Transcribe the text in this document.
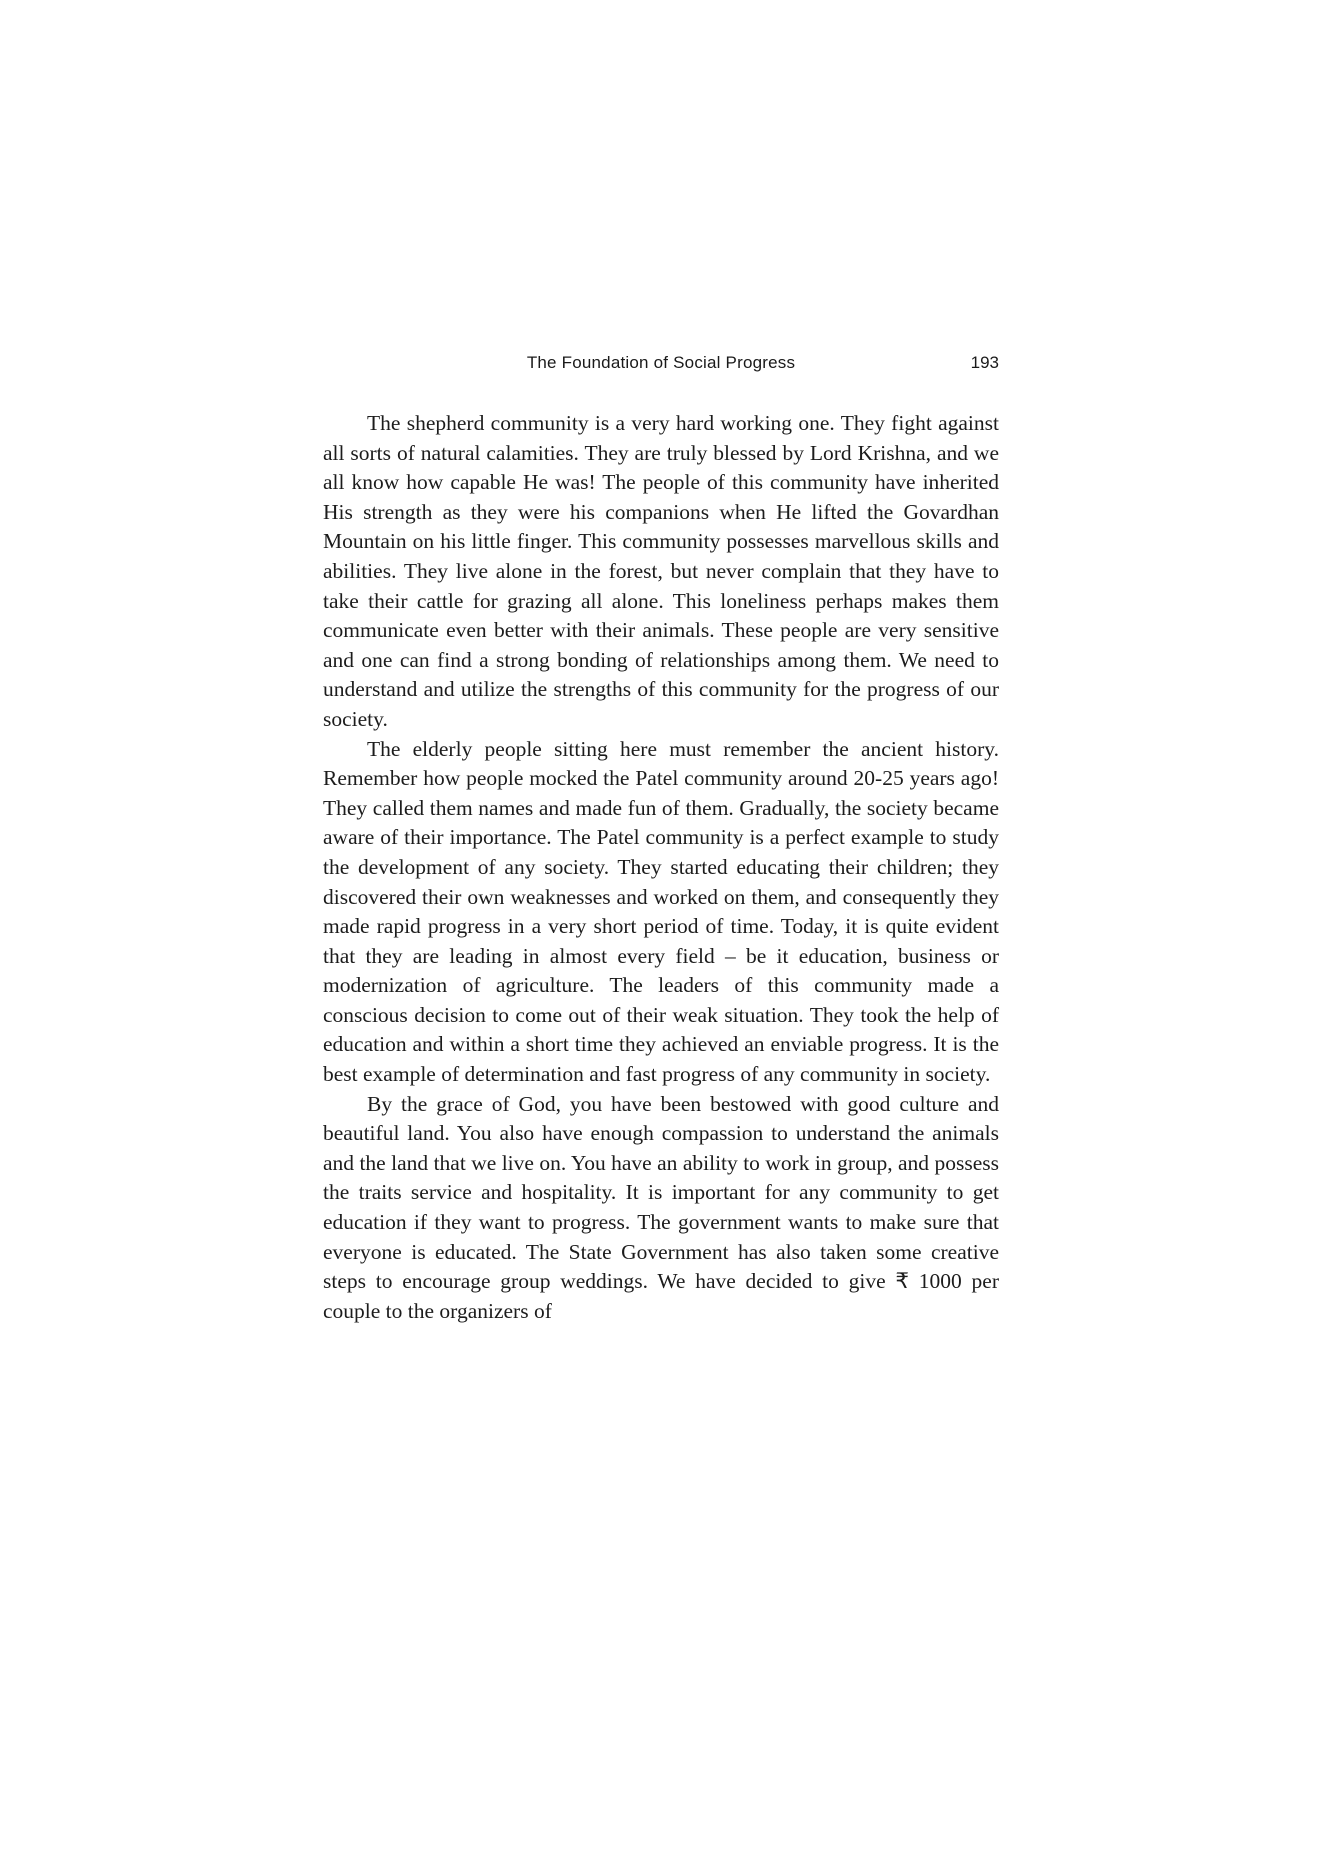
The Foundation of Social Progress	193

The shepherd community is a very hard working one. They fight against all sorts of natural calamities. They are truly blessed by Lord Krishna, and we all know how capable He was! The people of this community have inherited His strength as they were his companions when He lifted the Govardhan Mountain on his little finger. This community possesses marvellous skills and abilities. They live alone in the forest, but never complain that they have to take their cattle for grazing all alone. This loneliness perhaps makes them communicate even better with their animals. These people are very sensitive and one can find a strong bonding of relationships among them. We need to understand and utilize the strengths of this community for the progress of our society.

The elderly people sitting here must remember the ancient history. Remember how people mocked the Patel community around 20-25 years ago! They called them names and made fun of them. Gradually, the society became aware of their importance. The Patel community is a perfect example to study the development of any society. They started educating their children; they discovered their own weaknesses and worked on them, and consequently they made rapid progress in a very short period of time. Today, it is quite evident that they are leading in almost every field – be it education, business or modernization of agriculture. The leaders of this community made a conscious decision to come out of their weak situation. They took the help of education and within a short time they achieved an enviable progress. It is the best example of determination and fast progress of any community in society.

By the grace of God, you have been bestowed with good culture and beautiful land. You also have enough compassion to understand the animals and the land that we live on. You have an ability to work in group, and possess the traits service and hospitality. It is important for any community to get education if they want to progress. The government wants to make sure that everyone is educated. The State Government has also taken some creative steps to encourage group weddings. We have decided to give ₹ 1000 per couple to the organizers of
